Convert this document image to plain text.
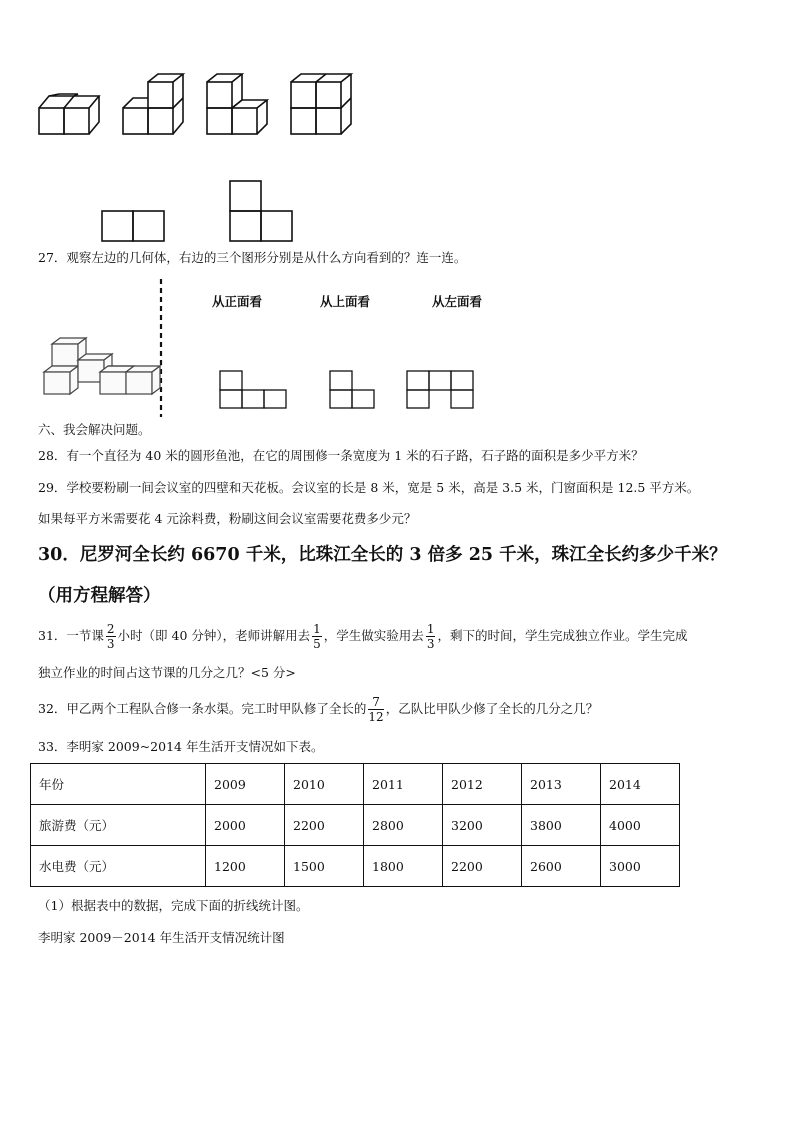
27．观察左边的几何体，右边的三个图形分别是从什么方向看到的？连一连。
从正面看	从上面看	从左面看
六、我会解决问题。
28．有一个直径为 40 米的圆形鱼池，在它的周围修一条宽度为 1 米的石子路，石子路的面积是多少平方米？
29．学校要粉刷一间会议室的四壁和天花板。会议室的长是 8 米，宽是 5 米，高是 3.5 米，门窗面积是 12.5 平方米。
如果每平方米需要花 4 元涂料费，粉刷这间会议室需要花费多少元？
30．尼罗河全长约 6670 千米，比珠江全长的 3 倍多 25 千米，珠江全长约多少千米？
（用方程解答）
31．一节课 $\frac{2}{3}$ 小时（即 40 分钟），老师讲解用去 $\frac{1}{5}$ ，学生做实验用去 $\frac{1}{3}$ ，剩下的时间，学生完成独立作业。学生完成
独立作业的时间占这节课的几分之几？<5 分>
32．甲乙两个工程队合修一条水渠。完工时甲队修了全长的 $\frac{7}{12}$ ，乙队比甲队少修了全长的几分之几？
33．李明家 2009~2014 年生活开支情况如下表。
年份	2009	2010	2011	2012	2013	2014
旅游费（元）	2000	2200	2800	3200	3800	4000
水电费（元）	1200	1500	1800	2200	2600	3000
（1）根据表中的数据，完成下面的折线统计图。
李明家 2009－2014 年生活开支情况统计图
